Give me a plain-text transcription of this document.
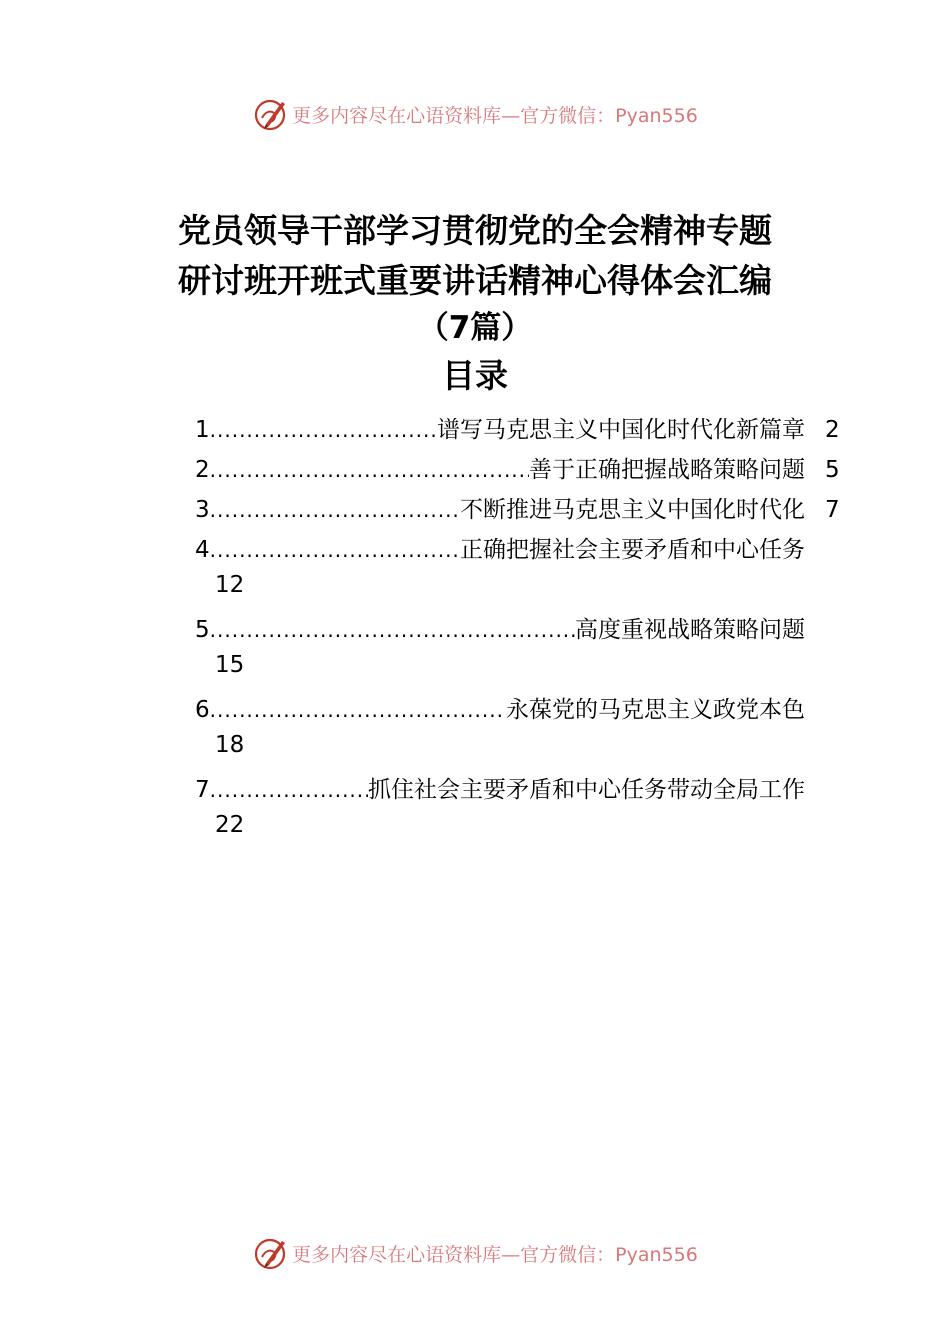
更多内容尽在心语资料库—官方微信：Pyan556
党员领导干部学习贯彻党的全会精神专题
研讨班开班式重要讲话精神心得体会汇编
（7篇）
目录
1 .....	谱写马克思主义中国化时代化新篇章 2
2 .....	善于正确把握战略策略问题 5
3 .....	不断推进马克思主义中国化时代化 7
4 .....	正确把握社会主要矛盾和中心任务
12
5 .....	高度重视战略策略问题
15
6 .....	永葆党的马克思主义政党本色
18
7 .....	抓住社会主要矛盾和中心任务带动全局工作
22
更多内容尽在心语资料库—官方微信：Pyan556
